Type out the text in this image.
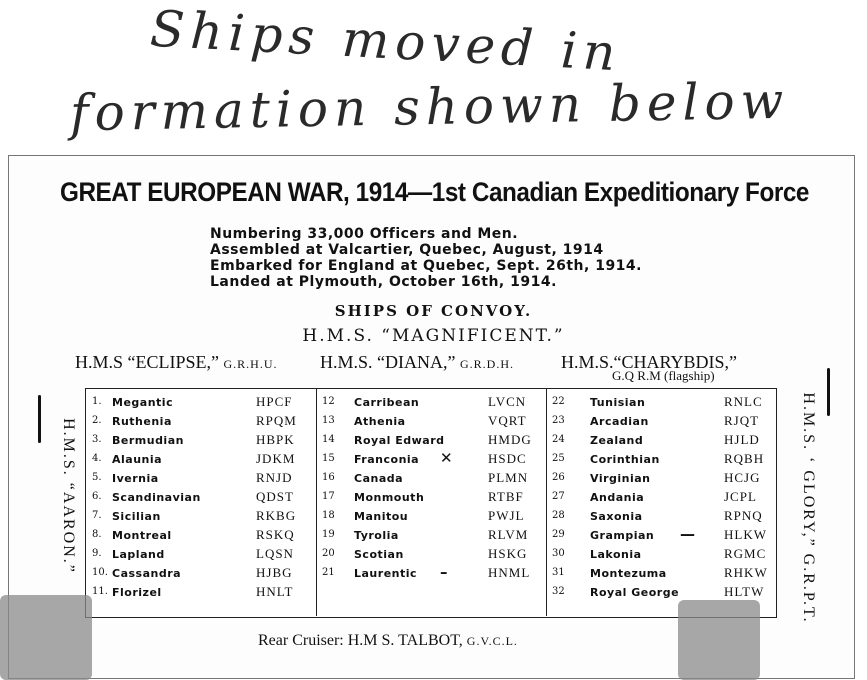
Ships moved in
formation shown below
GREAT EUROPEAN WAR, 1914—1st Canadian Expeditionary Force
Numbering 33,000 Officers and Men.
Assembled at Valcartier, Quebec, August, 1914
Embarked for England at Quebec, Sept. 26th, 1914.
Landed at Plymouth, October 16th, 1914.
SHIPS OF CONVOY.
H.M.S. “MAGNIFICENT.”
H.M.S “ECLIPSE,” G.R.H.U. H.M.S. “DIANA,” G.R.D.H.	H.M.S.“CHARYBDIS,”
G.Q R.M (flagship)
1. Megantic	HPCF
2. Ruthenia	RPQM
3. Bermudian	HBPK
4. Alaunia	JDKM
5. Ivernia	RNJD
6. Scandinavian	QDST
7. Sicilian	RKBG
8. Montreal	RSKQ
9. Lapland	LQSN
10. Cassandra	HJBG
11. Florizel	HNLT
12 Carribean	LVCN
13 Athenia	VQRT
14 Royal Edward	HMDG
15 Franconia	HSDC
✕
16 Canada	PLMN
17 Monmouth	RTBF
18 Manitou	PWJL
19 Tyrolia	RLVM
20 Scotian	HSKG
21 Laurentic	HNML
–
22 Tunisian	RNLC
23 Arcadian	RJQT
24 Zealand	HJLD
25 Corinthian	RQBH
26 Virginian	HCJG
27 Andania	JCPL
28 Saxonia	RPNQ
29 Grampian	HLKW
—
30 Lakonia	RGMC
31 Montezuma	RHKW
32 Royal George	HLTW
H.M.S. “AARON.”	H.M.S. ‘ GLORY,” G.R.P.T.
Rear Cruiser: H.M S. TALBOT, G.V.C.L.
